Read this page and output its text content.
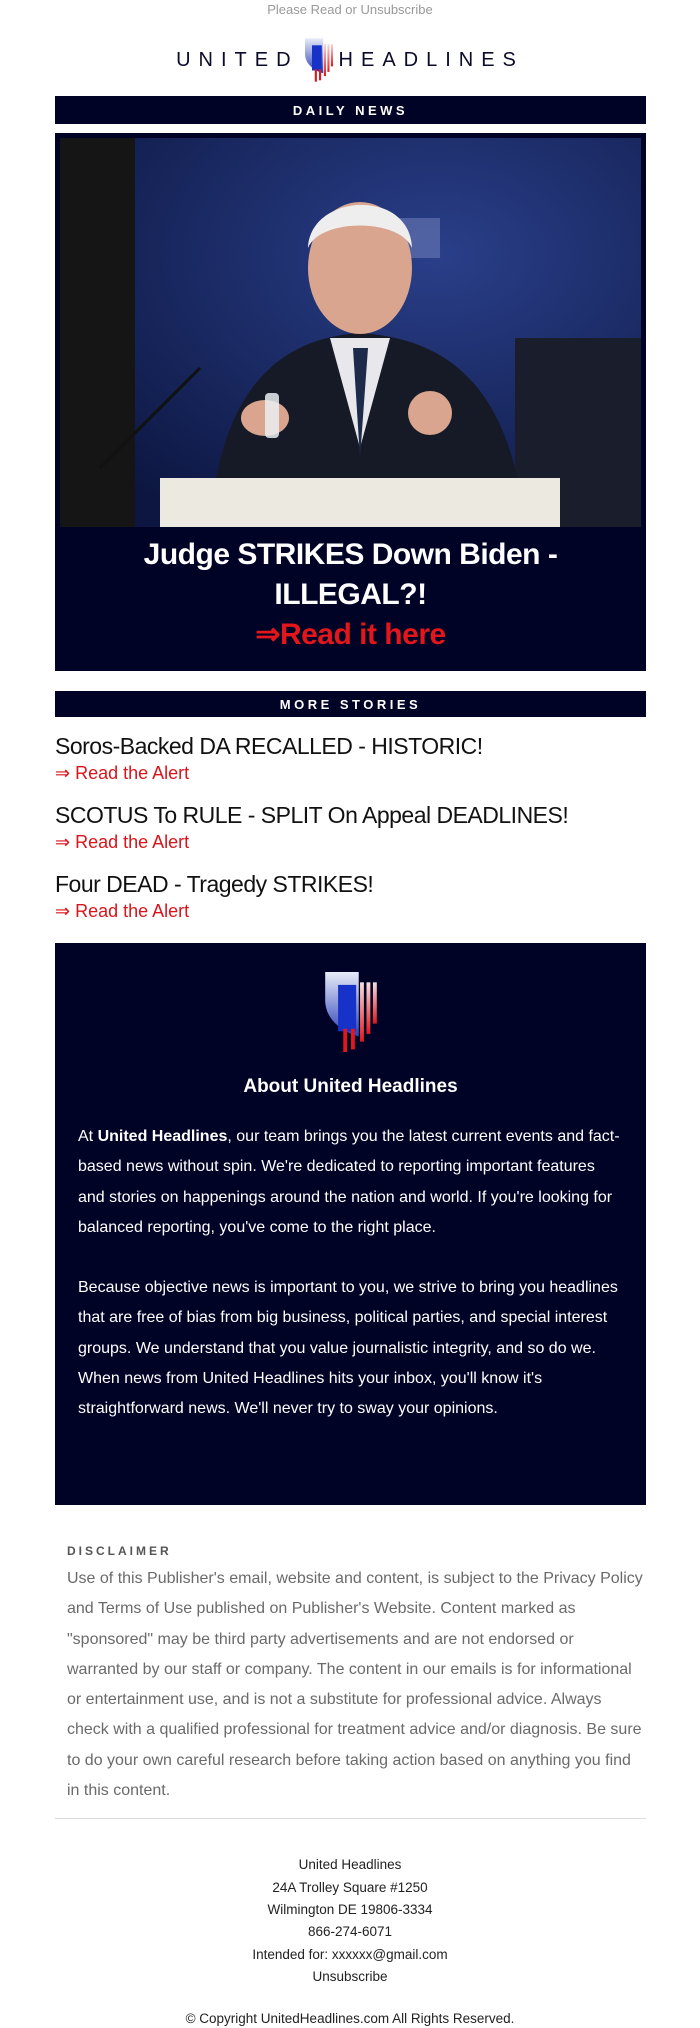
Please Read or Unsubscribe
UNITED HEADLINES
DAILY NEWS
Judge STRIKES Down Biden - ILLEGAL?!
⇒Read it here
MORE STORIES
Soros-Backed DA RECALLED - HISTORIC!
⇒ Read the Alert
SCOTUS To RULE - SPLIT On Appeal DEADLINES!
⇒ Read the Alert
Four DEAD - Tragedy STRIKES!
⇒ Read the Alert
About United Headlines

At United Headlines, our team brings you the latest current events and fact-based news without spin. We're dedicated to reporting important features and stories on happenings around the nation and world. If you're looking for balanced reporting, you've come to the right place.

Because objective news is important to you, we strive to bring you headlines that are free of bias from big business, political parties, and special interest groups. We understand that you value journalistic integrity, and so do we. When news from United Headlines hits your inbox, you'll know it's straightforward news. We'll never try to sway your opinions.

DISCLAIMER
Use of this Publisher's email, website and content, is subject to the Privacy Policy and Terms of Use published on Publisher's Website. Content marked as "sponsored" may be third party advertisements and are not endorsed or warranted by our staff or company. The content in our emails is for informational or entertainment use, and is not a substitute for professional advice. Always check with a qualified professional for treatment advice and/or diagnosis. Be sure to do your own careful research before taking action based on anything you find in this content.
United Headlines
24A Trolley Square #1250
Wilmington DE 19806-3334
866-274-6071
Intended for: xxxxxx@gmail.com
Unsubscribe
© Copyright UnitedHeadlines.com All Rights Reserved.
